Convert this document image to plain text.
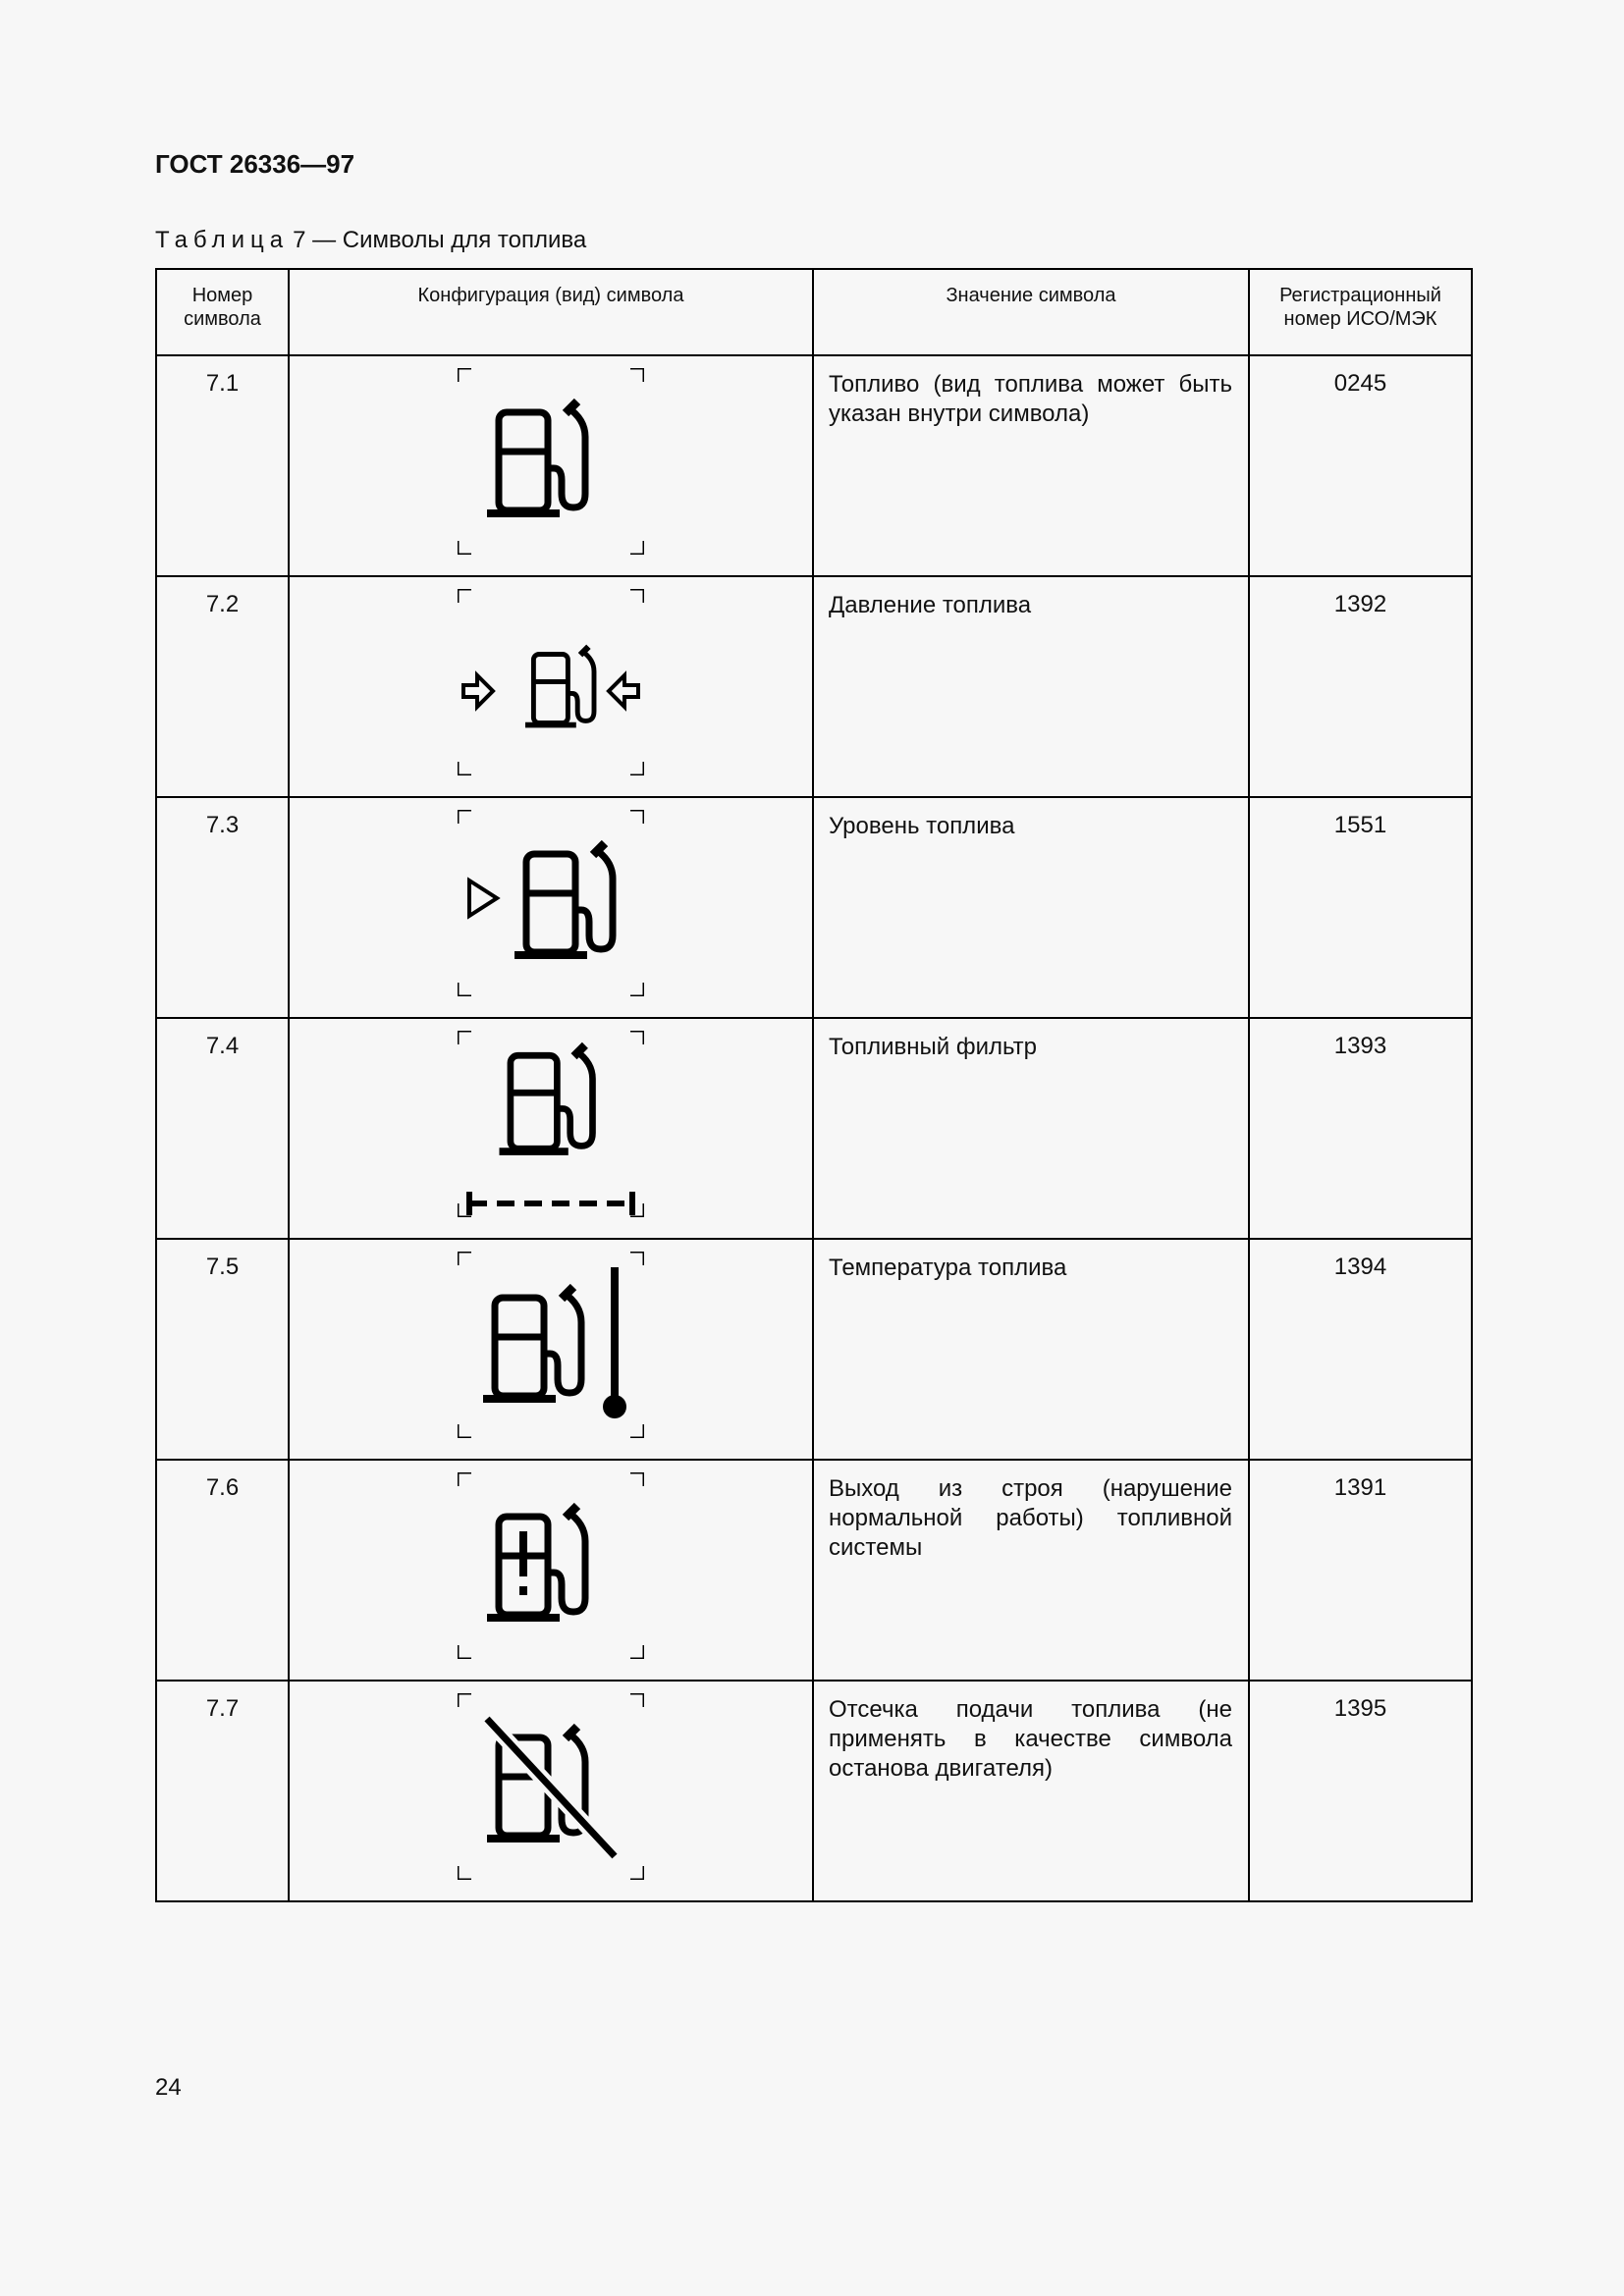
ГОСТ 26336—97
Таблица 7 — Символы для топлива
Номер символа	Конфигурация (вид) символа	Значение символа	Регистрационный номер ИСО/МЭК
7.1		Топливо (вид топлива может быть указан внутри символа)	0245
7.2		Давление топлива	1392
7.3		Уровень топлива	1551
7.4		Топливный фильтр	1393
7.5		Температура топлива	1394
7.6		Выход из строя (нарушение нормальной работы) топливной системы	1391
7.7		Отсечка подачи топлива (не применять в качестве символа останова двигателя)	1395
24
